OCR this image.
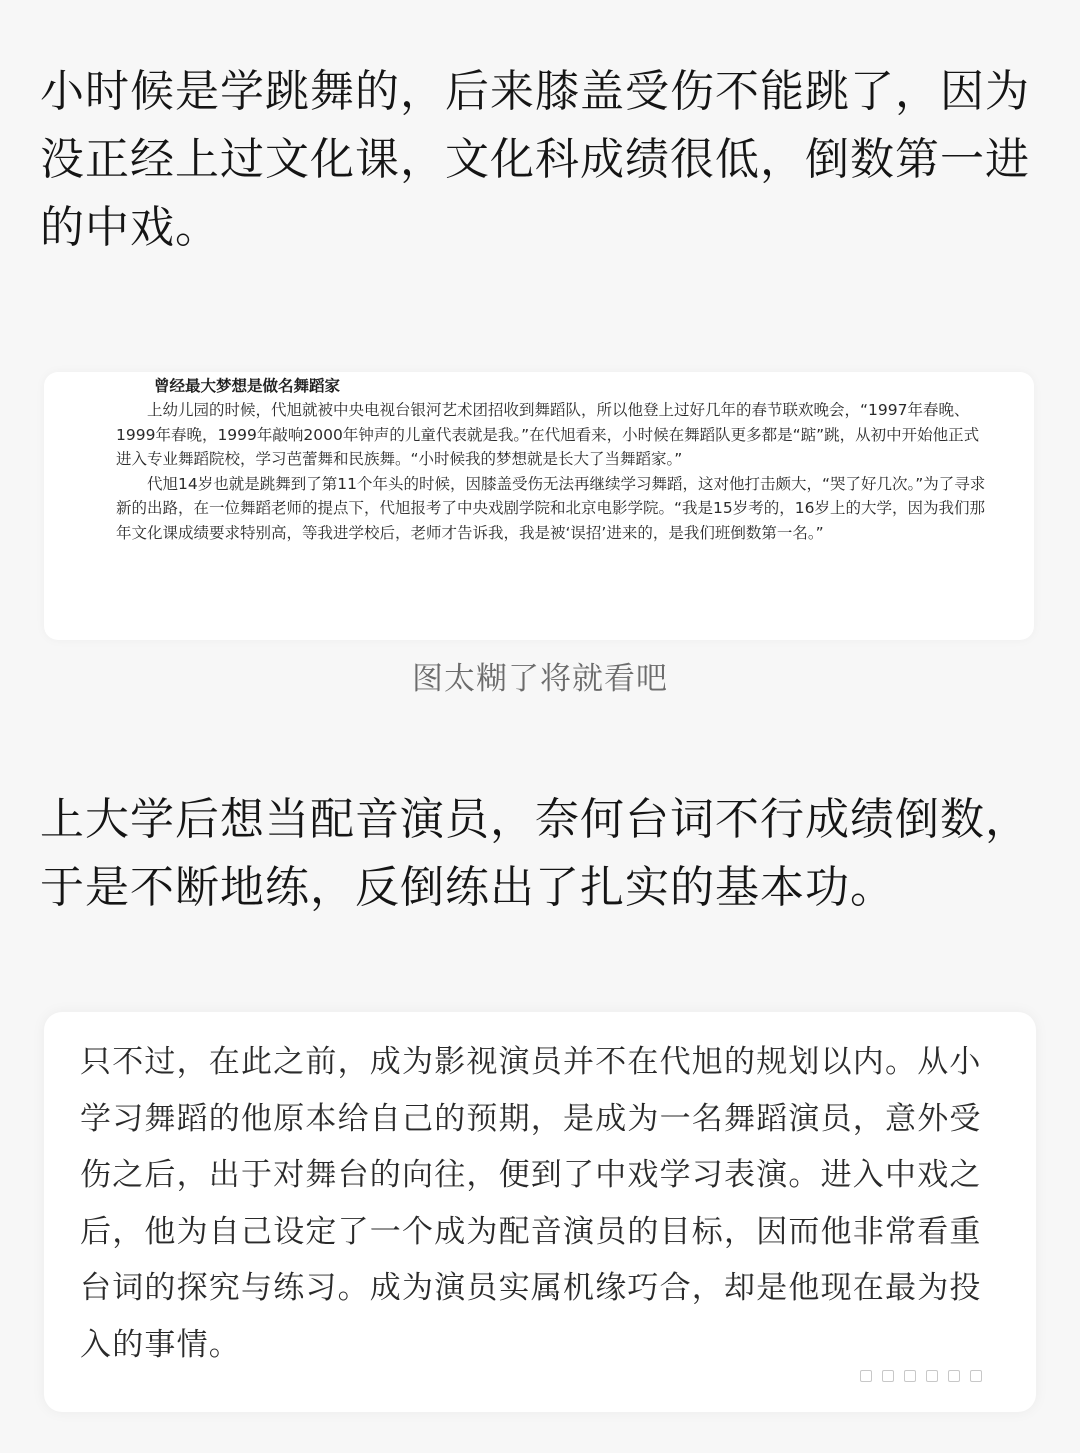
小时候是学跳舞的，后来膝盖受伤不能跳了，因为没正经上过文化课，文化科成绩很低，倒数第一进的中戏。

曾经最大梦想是做名舞蹈家

上幼儿园的时候，代旭就被中央电视台银河艺术团招收到舞蹈队，所以他登上过好几年的春节联欢晚会，“1997年春晚、1999年春晚，1999年敲响2000年钟声的儿童代表就是我。”在代旭看来，小时候在舞蹈队更多都是“踮”跳，从初中开始他正式进入专业舞蹈院校，学习芭蕾舞和民族舞。“小时候我的梦想就是长大了当舞蹈家。”

代旭14岁也就是跳舞到了第11个年头的时候，因膝盖受伤无法再继续学习舞蹈，这对他打击颇大，“哭了好几次。”为了寻求新的出路，在一位舞蹈老师的提点下，代旭报考了中央戏剧学院和北京电影学院。“我是15岁考的，16岁上的大学，因为我们那年文化课成绩要求特别高，等我进学校后，老师才告诉我，我是被‘误招’进来的，是我们班倒数第一名。”

图太糊了将就看吧

上大学后想当配音演员，奈何台词不行成绩倒数，于是不断地练，反倒练出了扎实的基本功。

只不过，在此之前，成为影视演员并不在代旭的规划以内。从小学习舞蹈的他原本给自己的预期，是成为一名舞蹈演员，意外受伤之后，出于对舞台的向往，便到了中戏学习表演。进入中戏之后，他为自己设定了一个成为配音演员的目标，因而他非常看重台词的探究与练习。成为演员实属机缘巧合，却是他现在最为投入的事情。
